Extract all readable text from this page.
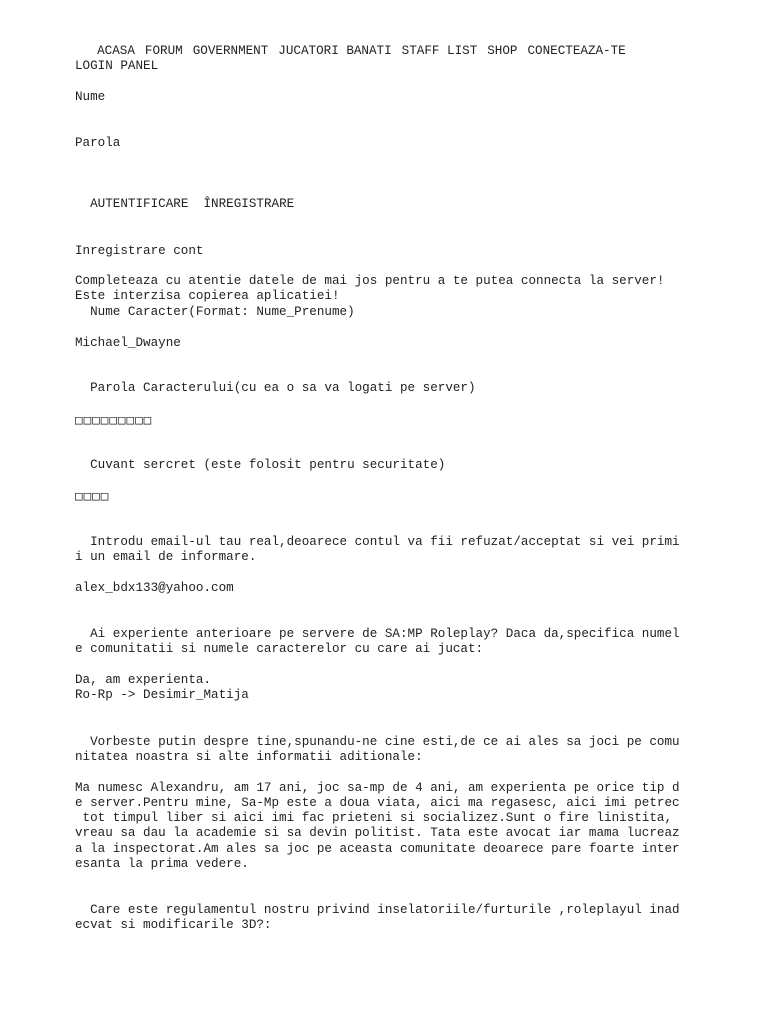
ACASA FORUM GOVERNMENT JUCATORI BANATI STAFF LIST SHOP CONECTEAZA-TE

LOGIN PANEL
Nume
Parola

AUTENTIFICARE ÎNREGISTRARE

Inregistrare cont
Completeaza cu atentie datele de mai jos pentru a te putea connecta la server!
Este interzisa copierea aplicatiei!
Nume Caracter(Format: Nume_Prenume)
Michael_Dwayne
Parola Caracterului(cu ea o sa va logati pe server)
□□□□□□□□□
Cuvant sercret (este folosit pentru securitate)
□□□□
Introdu email-ul tau real,deoarece contul va fii refuzat/acceptat si vei primi
i un email de informare.
alex_bdx133@yahoo.com
Ai experiente anterioare pe servere de SA:MP Roleplay? Daca da,specifica numel
e comunitatii si numele caracterelor cu care ai jucat:
Da, am experienta.
Ro-Rp -> Desimir_Matija
Vorbeste putin despre tine,spunandu-ne cine esti,de ce ai ales sa joci pe comu
nitatea noastra si alte informatii aditionale:
Ma numesc Alexandru, am 17 ani, joc sa-mp de 4 ani, am experienta pe orice tip d
e server.Pentru mine, Sa-Mp este a doua viata, aici ma regasesc, aici imi petrec
tot timpul liber si aici imi fac prieteni si socializez.Sunt o fire linistita,
vreau sa dau la academie si sa devin politist. Tata este avocat iar mama lucreaz
a la inspectorat.Am ales sa joc pe aceasta comunitate deoarece pare foarte inter
esanta la prima vedere.
Care este regulamentul nostru privind inselatoriile/furturile ,roleplayul inad
ecvat si modificarile 3D?:
